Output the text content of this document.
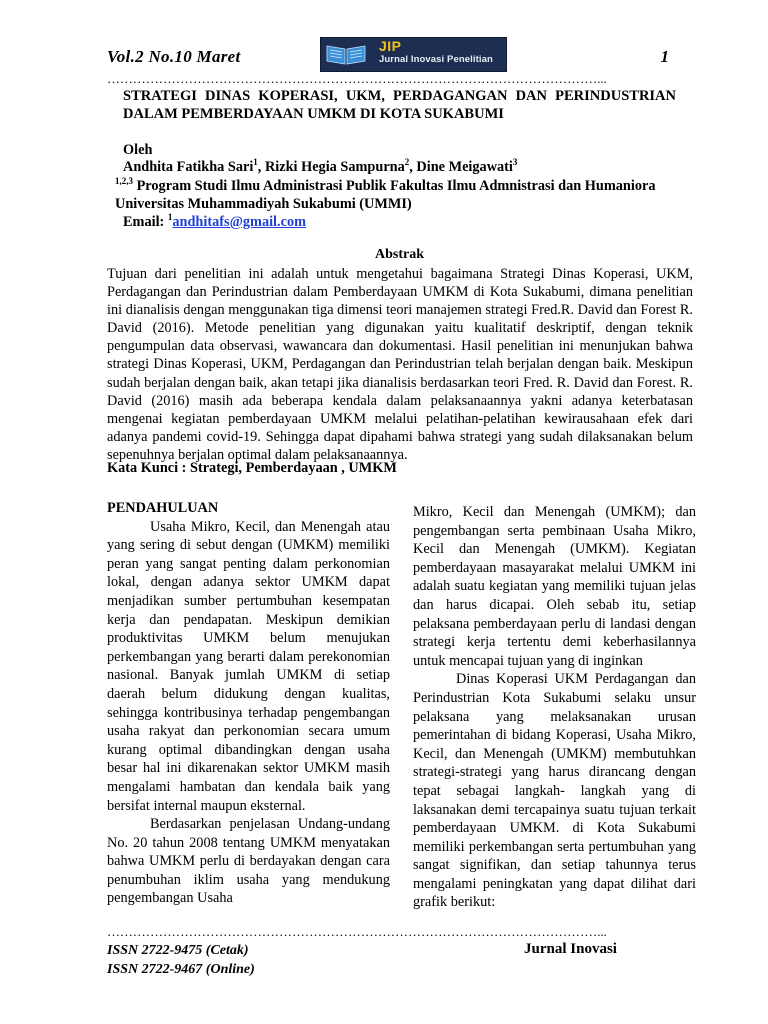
Vol.2 No.10 Maret
JIP
Jurnal Inovasi Penelitian	1
……………………………………………………………………………………………………...
STRATEGI DINAS KOPERASI, UKM, PERDAGANGAN DAN PERINDUSTRIAN DALAM PEMBERDAYAAN UMKM DI KOTA SUKABUMI
Oleh
Andhita Fatikha Sari$^1$, Rizki Hegia Sampurna$^2$, Dine Meigawati$^3$
$^{1,2,3}$ Program Studi Ilmu Administrasi Publik Fakultas Ilmu Admnistrasi dan Humaniora
Universitas Muhammadiyah Sukabumi (UMMI)
Email: $^1$andhitafs@gmail.com
Abstrak
Tujuan dari penelitian ini adalah untuk mengetahui bagaimana Strategi Dinas Koperasi, UKM, Perdagangan dan Perindustrian dalam Pemberdayaan UMKM di Kota Sukabumi, dimana penelitian ini dianalisis dengan menggunakan tiga dimensi teori manajemen strategi Fred.R. David dan Forest R. David (2016). Metode penelitian yang digunakan yaitu kualitatif deskriptif, dengan teknik pengumpulan data observasi, wawancara dan dokumentasi. Hasil penelitian ini menunjukan bahwa strategi Dinas Koperasi, UKM, Perdagangan dan Perindustrian telah berjalan dengan baik. Meskipun sudah berjalan dengan baik, akan tetapi jika dianalisis berdasarkan teori Fred. R. David dan Forest. R. David (2016) masih ada beberapa kendala dalam pelaksanaannya yakni adanya keterbatasan mengenai kegiatan pemberdayaan UMKM melalui pelatihan-pelatihan kewirausahaan efek dari adanya pandemi covid-19. Sehingga dapat dipahami bahwa strategi yang sudah dilaksanakan belum sepenuhnya berjalan optimal dalam pelaksanaannya.
Kata Kunci : Strategi, Pemberdayaan , UMKM

PENDAHULUAN

Usaha Mikro, Kecil, dan Menengah atau yang sering di sebut dengan (UMKM) memiliki peran yang sangat penting dalam perkonomian lokal, dengan adanya sektor UMKM dapat menjadikan sumber pertumbuhan kesempatan kerja dan pendapatan. Meskipun demikian produktivitas UMKM belum menujukan perkembangan yang berarti dalam perekonomian nasional. Banyak jumlah UMKM di setiap daerah belum didukung dengan kualitas, sehingga kontribusinya terhadap pengembangan usaha rakyat dan perkonomian secara umum kurang optimal dibandingkan dengan usaha besar hal ini dikarenakan sektor UMKM masih mengalami hambatan dan kendala baik yang bersifat internal maupun eksternal.

Berdasarkan penjelasan Undang-undang No. 20 tahun 2008 tentang UMKM menyatakan bahwa UMKM perlu di berdayakan dengan cara penumbuhan iklim usaha yang mendukung pengembangan Usaha

Mikro, Kecil dan Menengah (UMKM); dan pengembangan serta pembinaan Usaha Mikro, Kecil dan Menengah (UMKM). Kegiatan pemberdayaan masayarakat melalui UMKM ini adalah suatu kegiatan yang memiliki tujuan jelas dan harus dicapai. Oleh sebab itu, setiap pelaksana pemberdayaan perlu di landasi dengan strategi kerja tertentu demi keberhasilannya untuk mencapai tujuan yang di inginkan

Dinas Koperasi UKM Perdagangan dan Perindustrian Kota Sukabumi selaku unsur pelaksana yang melaksanakan urusan pemerintahan di bidang Koperasi, Usaha Mikro, Kecil, dan Menengah (UMKM) membutuhkan strategi-strategi yang harus dirancang dengan tepat sebagai langkah- langkah yang di laksanakan demi tercapainya suatu tujuan terkait pemberdayaan UMKM. di Kota Sukabumi memiliki perkembangan serta pertumbuhan yang sangat signifikan, dan setiap tahunnya terus mengalami peningkatan yang dapat dilihat dari grafik berikut:

……………………………………………………………………………………………………...
ISSN 2722-9475 (Cetak)
ISSN 2722-9467 (Online)
Jurnal Inovasi
